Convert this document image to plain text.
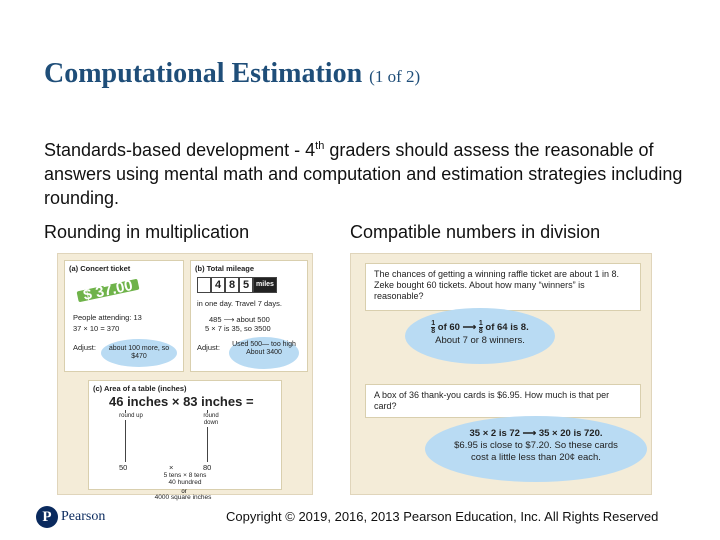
Computational Estimation (1 of 2)
Standards-based development - 4th graders should assess the reasonable of answers using mental math and computation and estimation strategies including rounding.
Rounding in multiplication	Compatible numbers in division
(a) Concert ticket
$ 37.00
People attending: 13
37 × 10 = 370
Adjust:	about 100 more, so $470
(b) Total mileage
4 8 5 miles
in one day. Travel 7 days.
485 ⟶ about 500
5 × 7 is 35, so 3500
Adjust:	Used 500— too high About 3400
(c) Area of a table (inches)
46 inches × 83 inches =
round up	round down
50	×	80
5 tens × 8 tens
40 hundred
or
4000 square inches
The chances of getting a winning raffle ticket are about 1 in 8. Zeke bought 60 tickets. About how many “winners” is reasonable?
$\frac{1}{8}$ of 60 ⟶ $\frac{1}{8}$ of 64 is 8.
About 7 or 8 winners.
A box of 36 thank-you cards is $6.95. How much is that per card?
35 × 2 is 72 ⟶ 35 × 20 is 720.
$6.95 is close to $7.20. So these cards cost a little less than 20¢ each.
P Pearson	Copyright © 2019, 2016, 2013 Pearson Education, Inc. All Rights Reserved
